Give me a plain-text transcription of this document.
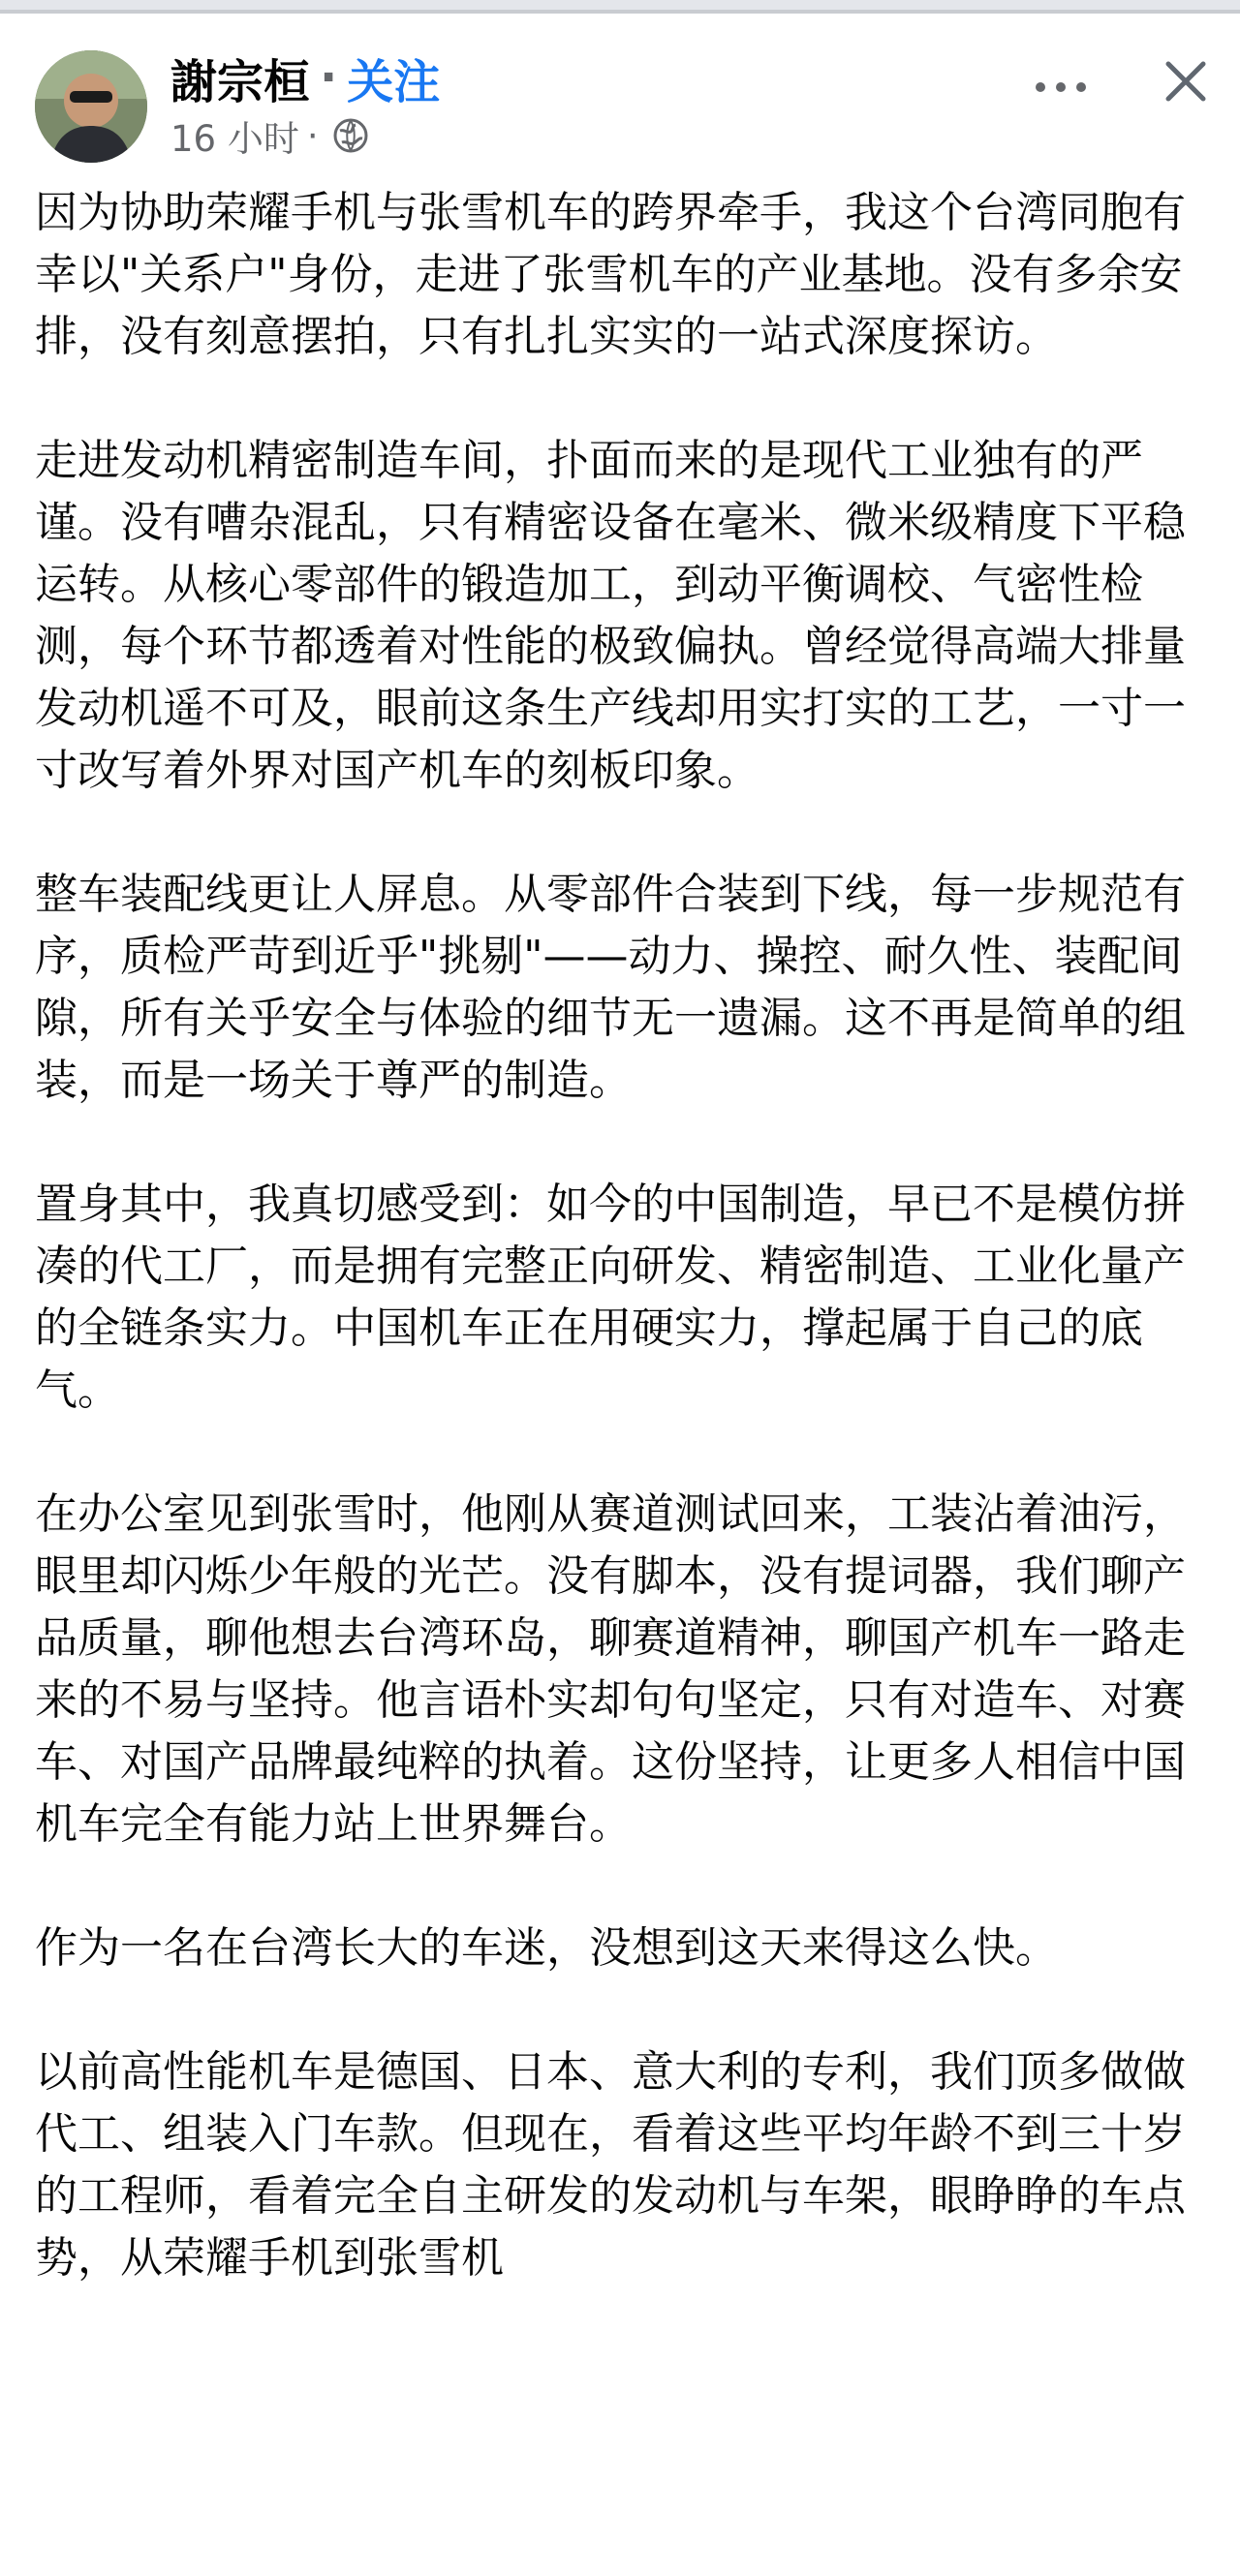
謝宗桓 · 关注
16 小时 ·

因为协助荣耀手机与张雪机车的跨界牵手，我这个台湾同胞有幸以"关系户"身份，走进了张雪机车的产业基地。没有多余安排，没有刻意摆拍，只有扎扎实实的一站式深度探访。

走进发动机精密制造车间，扑面而来的是现代工业独有的严谨。没有嘈杂混乱，只有精密设备在毫米、微米级精度下平稳运转。从核心零部件的锻造加工，到动平衡调校、气密性检测，每个环节都透着对性能的极致偏执。曾经觉得高端大排量发动机遥不可及，眼前这条生产线却用实打实的工艺，一寸一寸改写着外界对国产机车的刻板印象。

整车装配线更让人屏息。从零部件合装到下线，每一步规范有序，质检严苛到近乎"挑剔"——动力、操控、耐久性、装配间隙，所有关乎安全与体验的细节无一遗漏。这不再是简单的组装，而是一场关于尊严的制造。

置身其中，我真切感受到：如今的中国制造，早已不是模仿拼凑的代工厂，而是拥有完整正向研发、精密制造、工业化量产的全链条实力。中国机车正在用硬实力，撑起属于自己的底气。

在办公室见到张雪时，他刚从赛道测试回来，工装沾着油污，眼里却闪烁少年般的光芒。没有脚本，没有提词器，我们聊产品质量，聊他想去台湾环岛，聊赛道精神，聊国产机车一路走来的不易与坚持。他言语朴实却句句坚定，只有对造车、对赛车、对国产品牌最纯粹的执着。这份坚持，让更多人相信中国机车完全有能力站上世界舞台。

作为一名在台湾长大的车迷，没想到这天来得这么快。

以前高性能机车是德国、日本、意大利的专利，我们顶多做做代工、组装入门车款。但现在，看着这些平均年龄不到三十岁的工程师，看着完全自主研发的发动机与车架，眼睁睁的车点势，从荣耀手机到张雪机
